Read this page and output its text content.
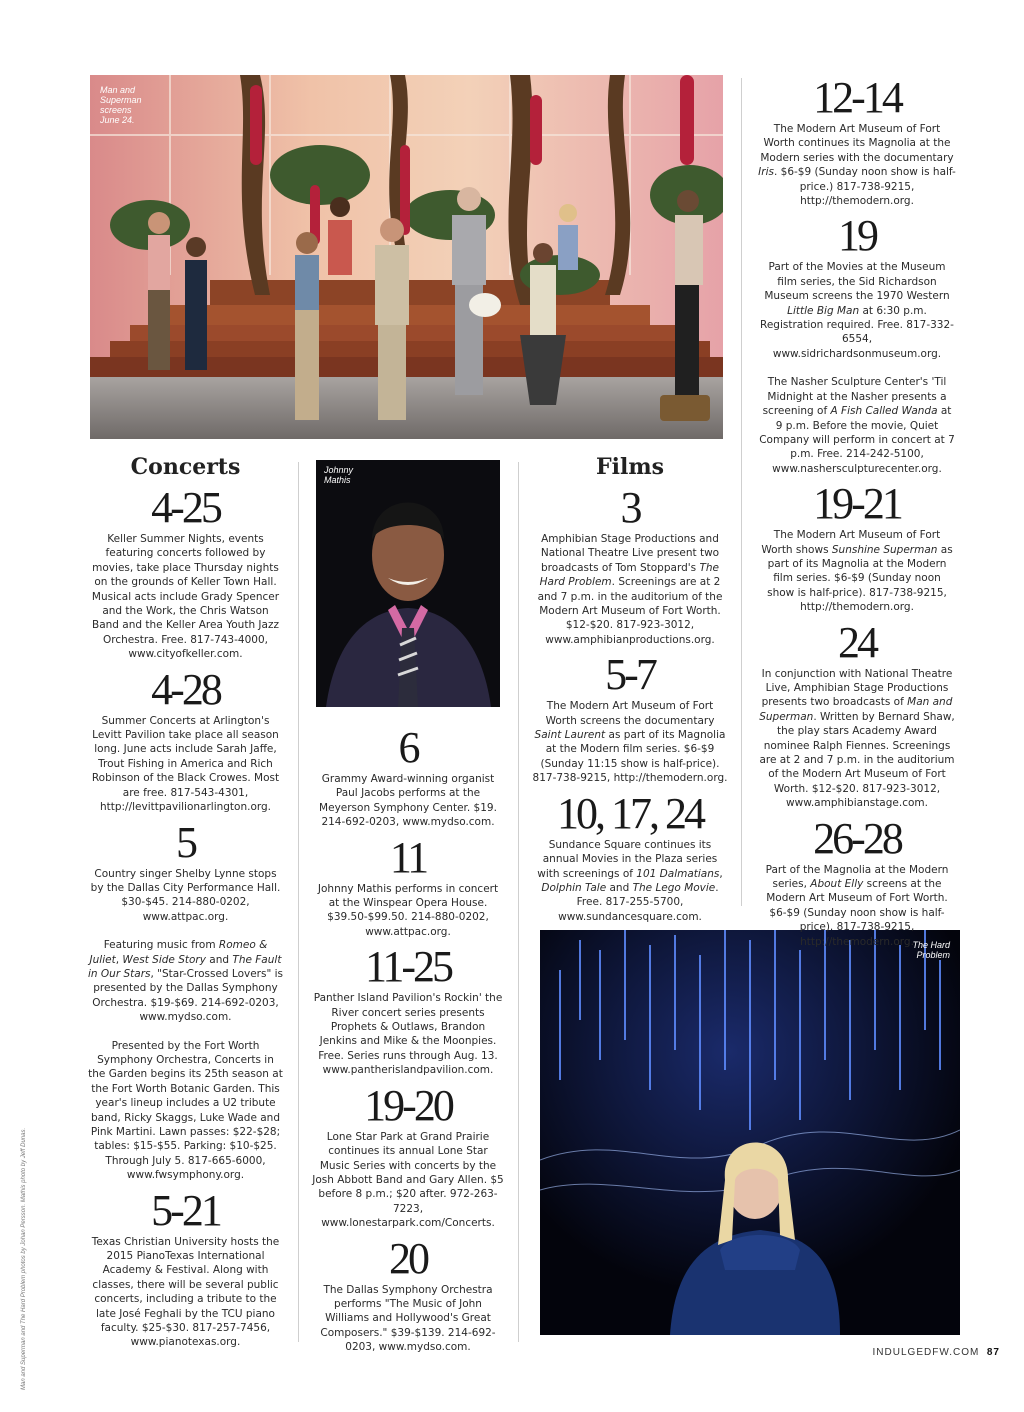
Man and Superman screens June 24.
Johnny Mathis
The Hard Problem
Concerts
4-25

Keller Summer Nights, events featuring concerts followed by movies, take place Thursday nights on the grounds of Keller Town Hall. Musical acts include Grady Spencer and the Work, the Chris Watson Band and the Keller Area Youth Jazz Orchestra. Free. 817-743-4000, www.cityofkeller.com.

4-28

Summer Concerts at Arlington's Levitt Pavilion take place all season long. June acts include Sarah Jaffe, Trout Fishing in America and Rich Robinson of the Black Crowes. Most are free. 817-543-4301, http://levittpavilionarlington.org.

5

Country singer Shelby Lynne stops by the Dallas City Performance Hall. $30-$45. 214-880-0202, www.attpac.org.

Featuring music from Romeo & Juliet, West Side Story and The Fault in Our Stars, "Star-Crossed Lovers" is presented by the Dallas Symphony Orchestra. $19-$69. 214-692-0203, www.mydso.com.

Presented by the Fort Worth Symphony Orchestra, Concerts in the Garden begins its 25th season at the Fort Worth Botanic Garden. This year's lineup includes a U2 tribute band, Ricky Skaggs, Luke Wade and Pink Martini. Lawn passes: $22-$28; tables: $15-$55. Parking: $10-$25. Through July 5. 817-665-6000, www.fwsymphony.org.

5-21

Texas Christian University hosts the 2015 PianoTexas International Academy & Festival. Along with classes, there will be several public concerts, including a tribute to the late José Feghali by the TCU piano faculty. $25-$30. 817-257-7456, www.pianotexas.org.

6

Grammy Award-winning organist Paul Jacobs performs at the Meyerson Symphony Center. $19. 214-692-0203, www.mydso.com.

11

Johnny Mathis performs in concert at the Winspear Opera House. $39.50-$99.50. 214-880-0202, www.attpac.org.

11-25

Panther Island Pavilion's Rockin' the River concert series presents Prophets & Outlaws, Brandon Jenkins and Mike & the Moonpies. Free. Series runs through Aug. 13. www.pantherislandpavilion.com.

19-20

Lone Star Park at Grand Prairie continues its annual Lone Star Music Series with concerts by the Josh Abbott Band and Gary Allen. $5 before 8 p.m.; $20 after. 972-263-7223, www.lonestarpark.com/Concerts.

20

The Dallas Symphony Orchestra performs "The Music of John Williams and Hollywood's Great Composers." $39-$139. 214-692-0203, www.mydso.com.

Films
3

Amphibian Stage Productions and National Theatre Live present two broadcasts of Tom Stoppard's The Hard Problem. Screenings are at 2 and 7 p.m. in the auditorium of the Modern Art Museum of Fort Worth. $12-$20. 817-923-3012, www.amphibianproductions.org.

5-7

The Modern Art Museum of Fort Worth screens the documentary Saint Laurent as part of its Magnolia at the Modern film series. $6-$9 (Sunday 11:15 show is half-price). 817-738-9215, http://themodern.org.

10, 17, 24

Sundance Square continues its annual Movies in the Plaza series with screenings of 101 Dalmatians, Dolphin Tale and The Lego Movie. Free. 817-255-5700, www.sundancesquare.com.

12-14

The Modern Art Museum of Fort Worth continues its Magnolia at the Modern series with the documentary Iris. $6-$9 (Sunday noon show is half-price.) 817-738-9215, http://themodern.org.

19

Part of the Movies at the Museum film series, the Sid Richardson Museum screens the 1970 Western Little Big Man at 6:30 p.m. Registration required. Free. 817-332-6554, www.sidrichardsonmuseum.org.

The Nasher Sculpture Center's 'Til Midnight at the Nasher presents a screening of A Fish Called Wanda at 9 p.m. Before the movie, Quiet Company will perform in concert at 7 p.m. Free. 214-242-5100, www.nashersculpturecenter.org.

19-21

The Modern Art Museum of Fort Worth shows Sunshine Superman as part of its Magnolia at the Modern film series. $6-$9 (Sunday noon show is half-price). 817-738-9215, http://themodern.org.

24

In conjunction with National Theatre Live, Amphibian Stage Productions presents two broadcasts of Man and Superman. Written by Bernard Shaw, the play stars Academy Award nominee Ralph Fiennes. Screenings are at 2 and 7 p.m. in the auditorium of the Modern Art Museum of Fort Worth. $12-$20. 817-923-3012, www.amphibianstage.com.

26-28

Part of the Magnolia at the Modern series, About Elly screens at the Modern Art Museum of Fort Worth. $6-$9 (Sunday noon show is half-price). 817-738-9215, http://themodern.org.

Man and Superman and The Hard Problem photos by Johan Persson. Mathis photo by Jeff Dunas.	INDULGEDFW.COM 87
